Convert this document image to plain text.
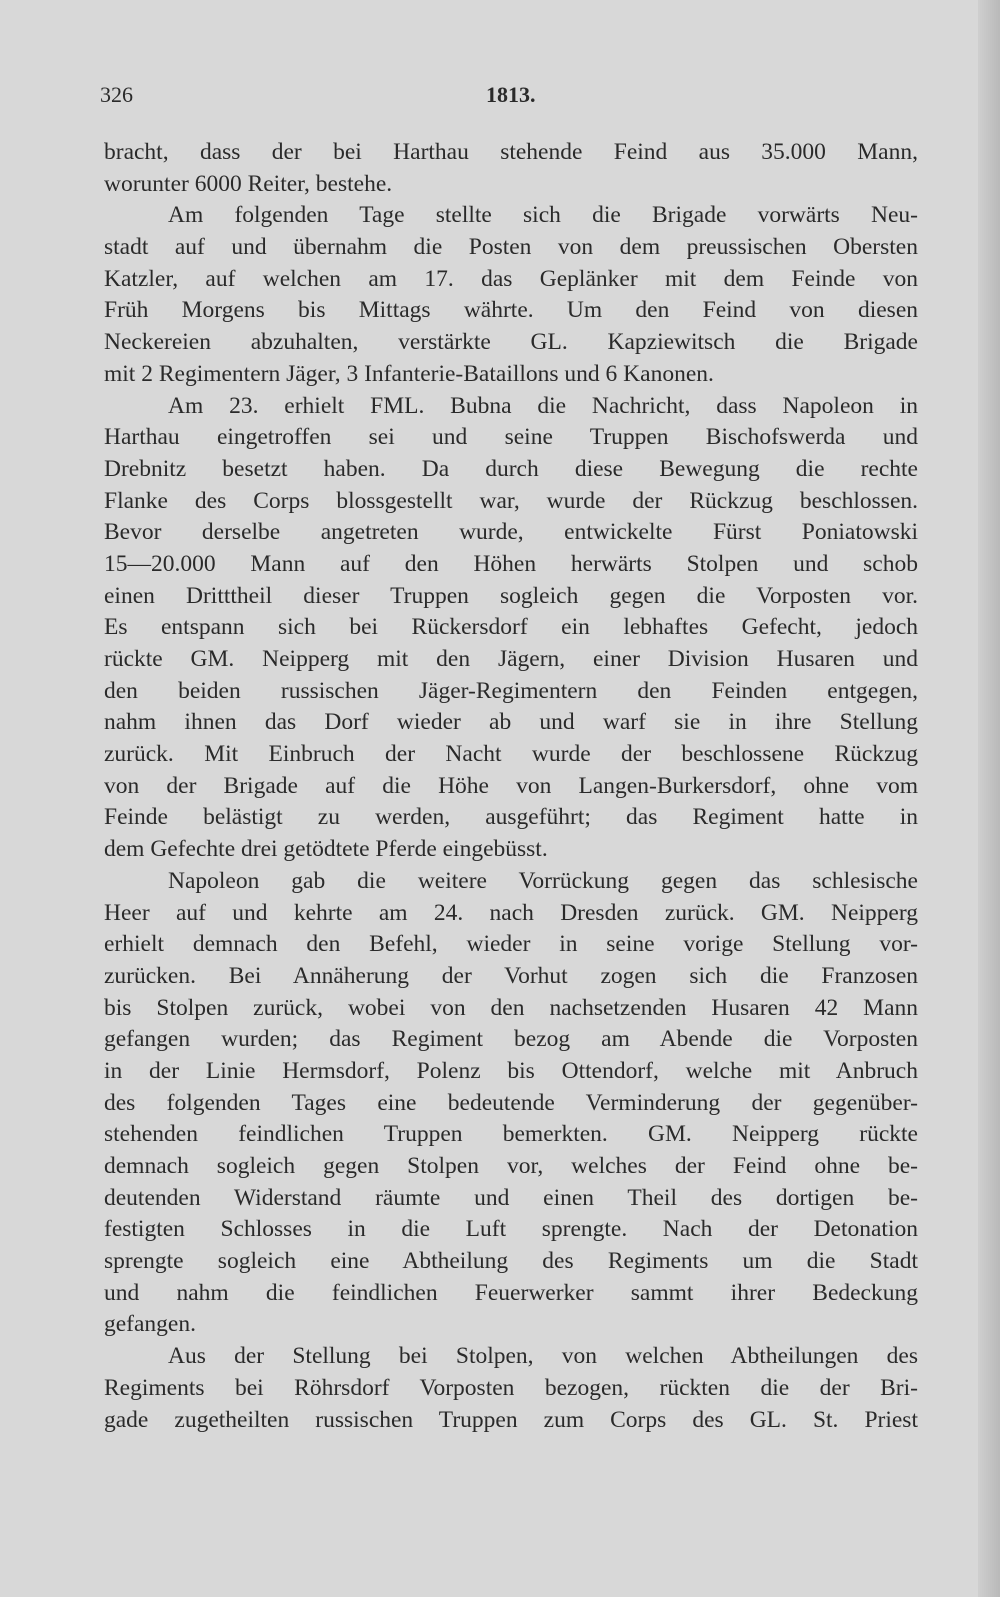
326	1813.
bracht, dass der bei Harthau stehende Feind aus 35.000 Mann,
worunter 6000 Reiter, bestehe.
Am folgenden Tage stellte sich die Brigade vorwärts Neu-
stadt auf und übernahm die Posten von dem preussischen Obersten
Katzler, auf welchen am 17. das Geplänker mit dem Feinde von
Früh Morgens bis Mittags währte. Um den Feind von diesen
Neckereien abzuhalten, verstärkte GL. Kapziewitsch die Brigade
mit 2 Regimentern Jäger, 3 Infanterie-Bataillons und 6 Kanonen.
Am 23. erhielt FML. Bubna die Nachricht, dass Napoleon in
Harthau eingetroffen sei und seine Truppen Bischofswerda und
Drebnitz besetzt haben. Da durch diese Bewegung die rechte
Flanke des Corps blossgestellt war, wurde der Rückzug beschlossen.
Bevor derselbe angetreten wurde, entwickelte Fürst Poniatowski
15—20.000 Mann auf den Höhen herwärts Stolpen und schob
einen Dritttheil dieser Truppen sogleich gegen die Vorposten vor.
Es entspann sich bei Rückersdorf ein lebhaftes Gefecht, jedoch
rückte GM. Neipperg mit den Jägern, einer Division Husaren und
den beiden russischen Jäger-Regimentern den Feinden entgegen,
nahm ihnen das Dorf wieder ab und warf sie in ihre Stellung
zurück. Mit Einbruch der Nacht wurde der beschlossene Rückzug
von der Brigade auf die Höhe von Langen-Burkersdorf, ohne vom
Feinde belästigt zu werden, ausgeführt; das Regiment hatte in
dem Gefechte drei getödtete Pferde eingebüsst.
Napoleon gab die weitere Vorrückung gegen das schlesische
Heer auf und kehrte am 24. nach Dresden zurück. GM. Neipperg
erhielt demnach den Befehl, wieder in seine vorige Stellung vor-
zurücken. Bei Annäherung der Vorhut zogen sich die Franzosen
bis Stolpen zurück, wobei von den nachsetzenden Husaren 42 Mann
gefangen wurden; das Regiment bezog am Abende die Vorposten
in der Linie Hermsdorf, Polenz bis Ottendorf, welche mit Anbruch
des folgenden Tages eine bedeutende Verminderung der gegenüber-
stehenden feindlichen Truppen bemerkten. GM. Neipperg rückte
demnach sogleich gegen Stolpen vor, welches der Feind ohne be-
deutenden Widerstand räumte und einen Theil des dortigen be-
festigten Schlosses in die Luft sprengte. Nach der Detonation
sprengte sogleich eine Abtheilung des Regiments um die Stadt
und nahm die feindlichen Feuerwerker sammt ihrer Bedeckung
gefangen.
Aus der Stellung bei Stolpen, von welchen Abtheilungen des
Regiments bei Röhrsdorf Vorposten bezogen, rückten die der Bri-
gade zugetheilten russischen Truppen zum Corps des GL. St. Priest
